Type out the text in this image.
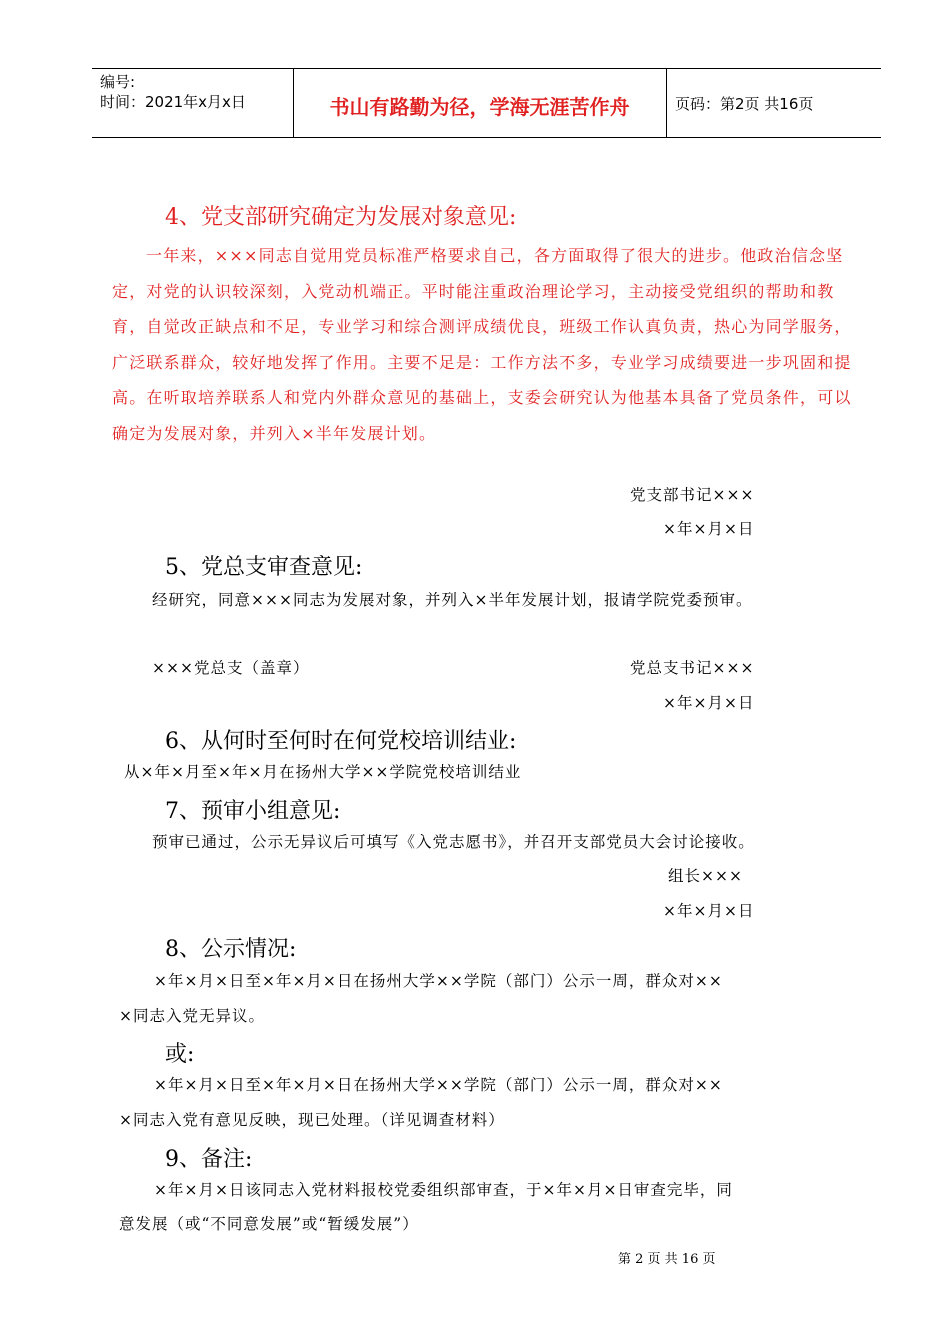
编号:
时间：2021年x月x日	书山有路勤为径，学海无涯苦作舟	页码：第2页 共16页
4、党支部研究确定为发展对象意见:
一年来，×××同志自觉用党员标准严格要求自己，各方面取得了很大的进步。他政治信念坚定，对党的认识较深刻，入党动机端正。平时能注重政治理论学习，主动接受党组织的帮助和教育，自觉改正缺点和不足，专业学习和综合测评成绩优良，班级工作认真负责，热心为同学服务，广泛联系群众，较好地发挥了作用。主要不足是：工作方法不多，专业学习成绩要进一步巩固和提高。在听取培养联系人和党内外群众意见的基础上，支委会研究认为他基本具备了党员条件，可以确定为发展对象，并列入×半年发展计划。
党支部书记×××
×年×月×日
5、党总支审查意见:
经研究，同意×××同志为发展对象，并列入×半年发展计划，报请学院党委预审。
×××党总支（盖章）	党总支书记×××
×年×月×日
6、从何时至何时在何党校培训结业:
从×年×月至×年×月在扬州大学××学院党校培训结业
7、预审小组意见:
预审已通过，公示无异议后可填写《入党志愿书》，并召开支部党员大会讨论接收。
组长×××
×年×月×日
8、公示情况:
×年×月×日至×年×月×日在扬州大学××学院（部门）公示一周，群众对××
×同志入党无异议。
或:
×年×月×日至×年×月×日在扬州大学××学院（部门）公示一周，群众对××
×同志入党有意见反映，现已处理。（详见调查材料）
9、备注:
×年×月×日该同志入党材料报校党委组织部审查，于×年×月×日审查完毕，同
意发展（或“不同意发展”或“暂缓发展”）
第 2 页 共 16 页
